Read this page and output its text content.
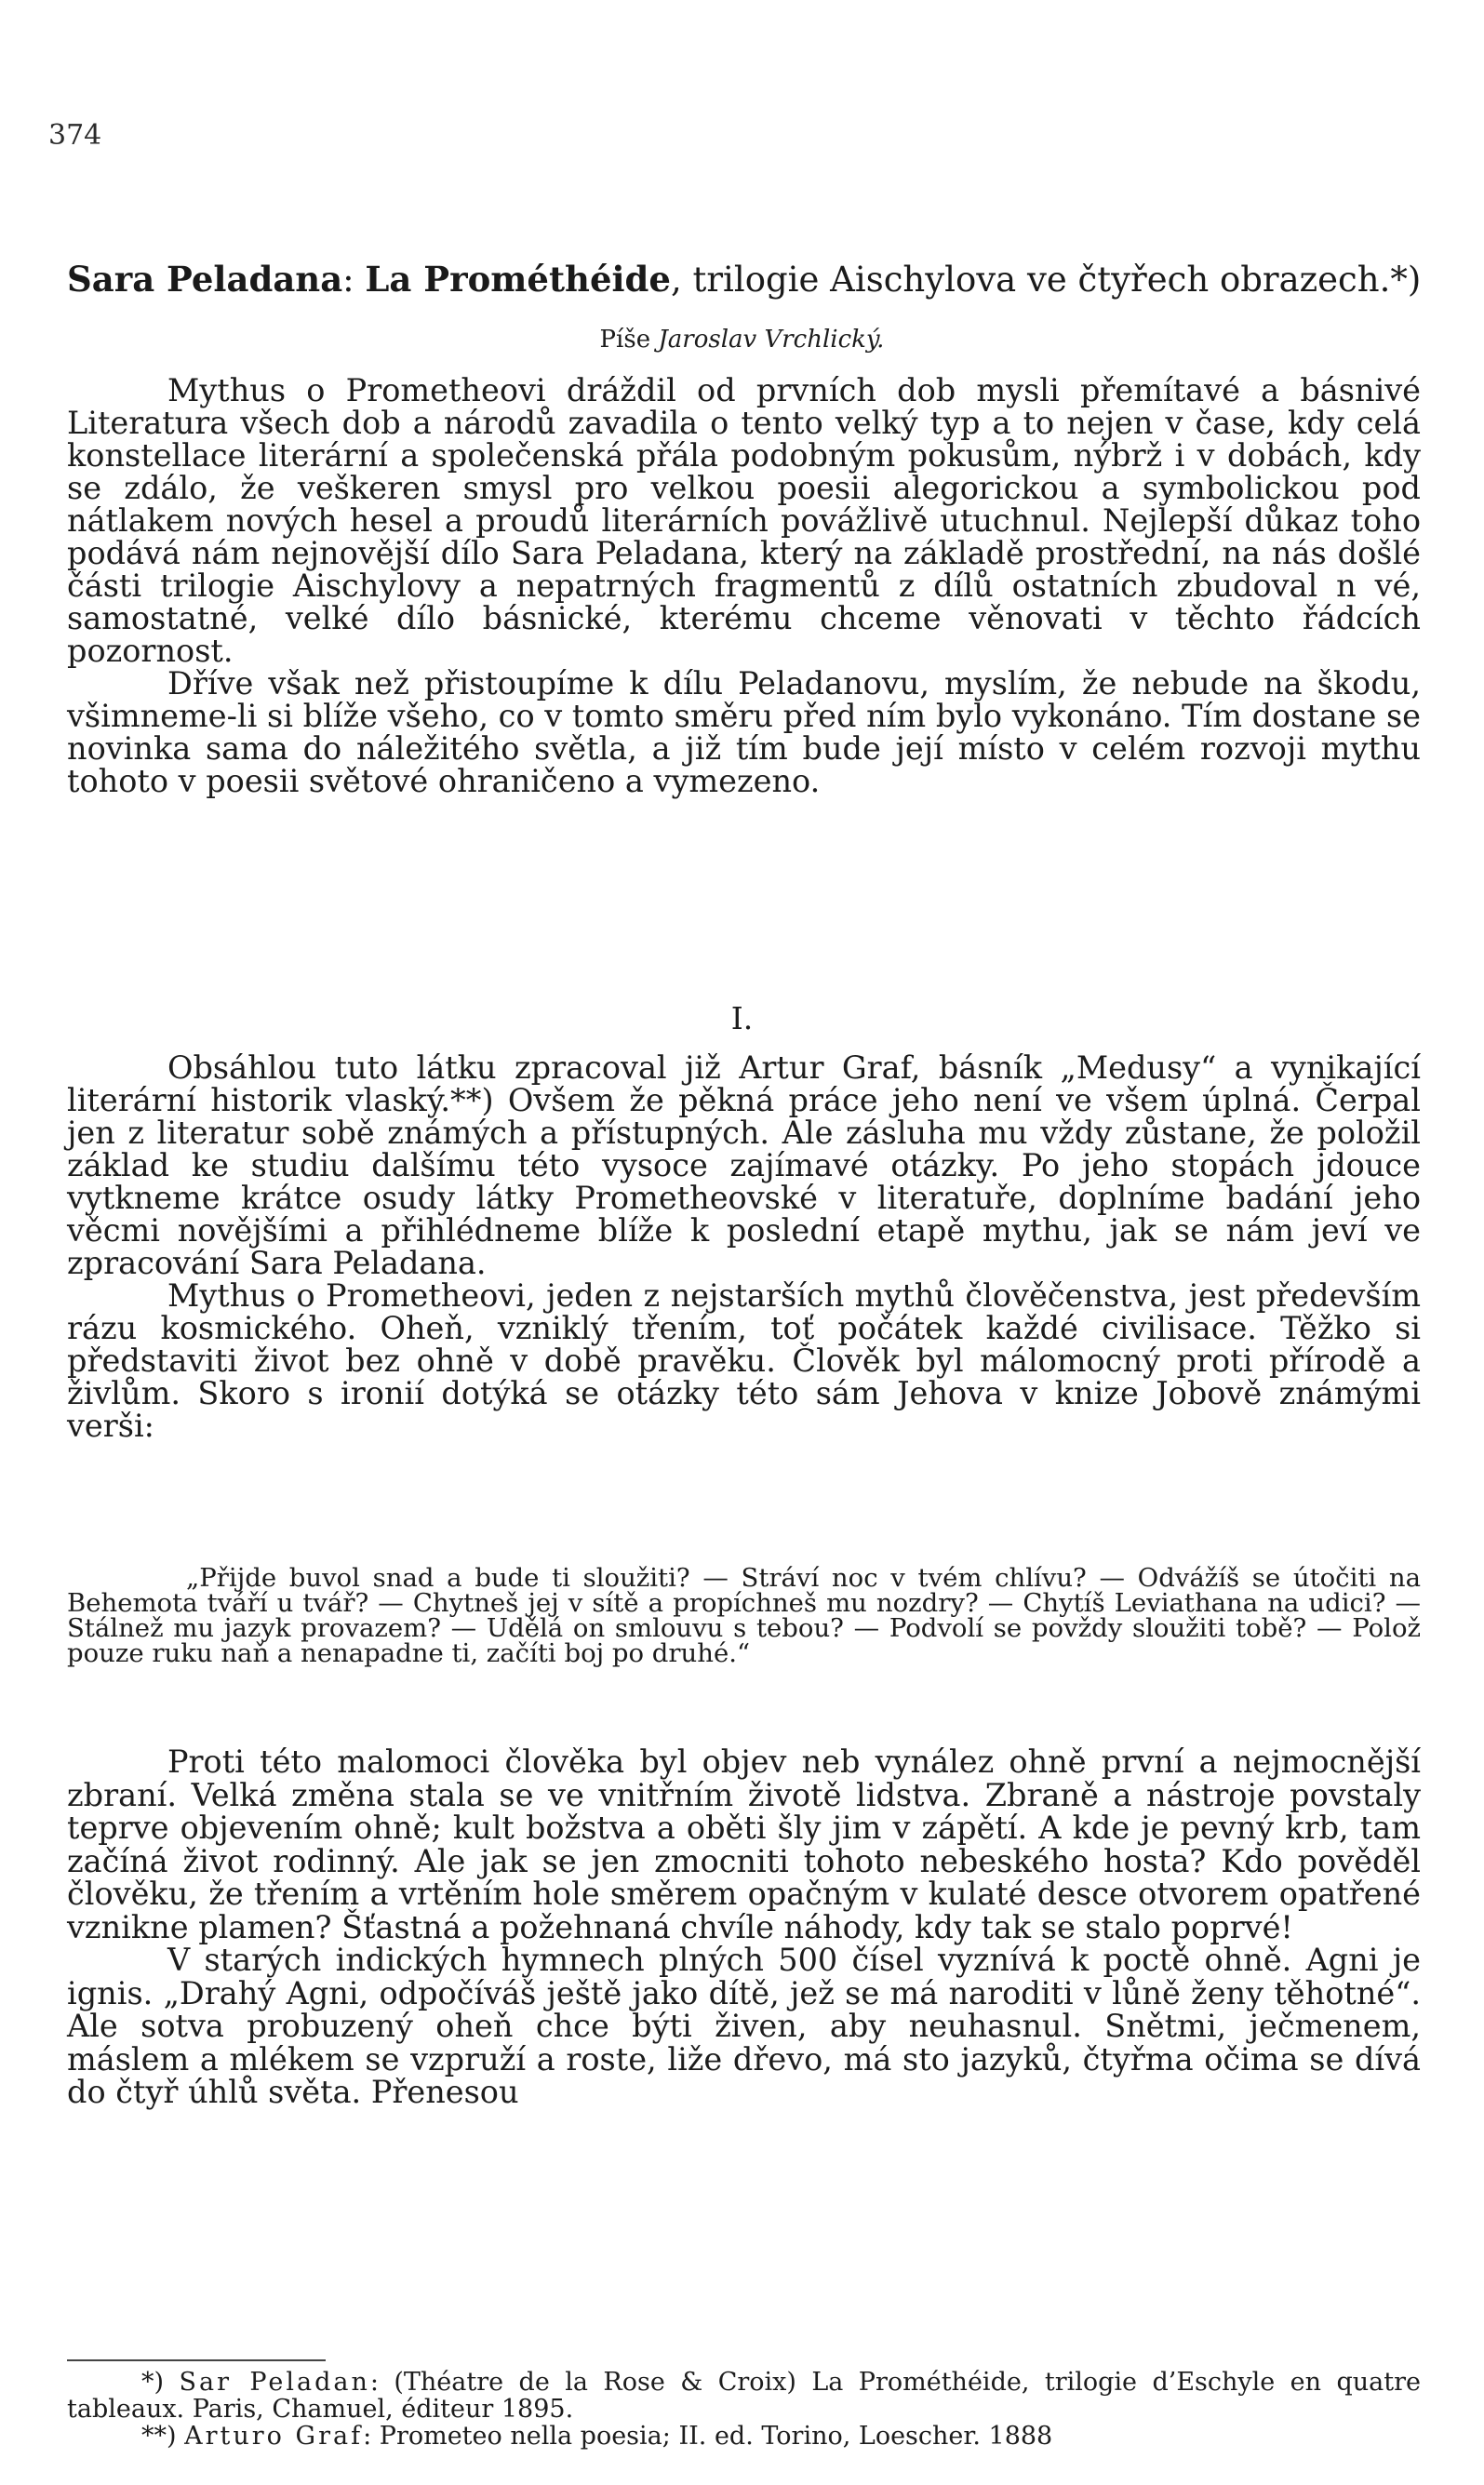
374
Sara Peladana: La Prométhéide, trilogie Aischylova ve čtyřech obrazech.*)
Píše Jaroslav Vrchlický.

Mythus o Prometheovi dráždil od prvních dob mysli přemítavé a básnivé Literatura všech dob a národů zavadila o tento velký typ a to nejen v čase, kdy celá konstellace literární a společenská přála podobným pokusům, nýbrž i v dobách, kdy se zdálo, že veškeren smysl pro velkou poesii alegorickou a symbolickou pod nátlakem nových hesel a proudů literárních povážlivě utuchnul. Nejlepší důkaz toho podává nám nejnovější dílo Sara Peladana, který na základě prostřední, na nás došlé části trilogie Aischylovy a nepatrných fragmentů z dílů ostatních zbudoval n vé, samostatné, velké dílo básnické, kterému chceme věnovati v těchto řádcích pozornost.

Dříve však než přistoupíme k dílu Peladanovu, myslím, že nebude na škodu, všimneme-li si blíže všeho, co v tomto směru před ním bylo vykonáno. Tím dostane se novinka sama do náležitého světla, a již tím bude její místo v celém rozvoji mythu tohoto v poesii světové ohraničeno a vymezeno.

I.

Obsáhlou tuto látku zpracoval již Artur Graf, básník „Medusy“ a vynikající literární historik vlaský.**) Ovšem že pěkná práce jeho není ve všem úplná. Čerpal jen z literatur sobě známých a přístupných. Ale zásluha mu vždy zůstane, že položil základ ke studiu dalšímu této vysoce zajímavé otázky. Po jeho stopách jdouce vytkneme krátce osudy látky Prometheovské v literatuře, doplníme badání jeho věcmi novějšími a přihlédneme blíže k poslední etapě mythu, jak se nám jeví ve zpracování Sara Peladana.

Mythus o Prometheovi, jeden z nejstarších mythů člověčenstva, jest především rázu kosmického. Oheň, vzniklý třením, toť počátek každé civilisace. Těžko si představiti život bez ohně v době pravěku. Člověk byl málomocný proti přírodě a živlům. Skoro s ironií dotýká se otázky této sám Jehova v knize Jobově známými verši:

„Přijde buvol snad a bude ti sloužiti? — Stráví noc v tvém chlívu? — Odvážíš se útočiti na Behemota tváří u tvář? — Chytneš jej v sítě a propíchneš mu nozdry? — Chytíš Leviathana na udici? — Stálnež mu jazyk provazem? — Udělá on smlouvu s tebou? — Podvolí se povždy sloužiti tobě? — Polož pouze ruku naň a nenapadne ti, začíti boj po druhé.“

Proti této malomoci člověka byl objev neb vynález ohně první a nejmocnější zbraní. Velká změna stala se ve vnitřním životě lidstva. Zbraně a nástroje povstaly teprve objevením ohně; kult božstva a oběti šly jim v zápětí. A kde je pevný krb, tam začíná život rodinný. Ale jak se jen zmocniti tohoto nebeského hosta? Kdo pověděl člověku, že třením a vrtěním hole směrem opačným v kulaté desce otvorem opatřené vznikne plamen? Šťastná a požehnaná chvíle náhody, kdy tak se stalo poprvé!

V starých indických hymnech plných 500 čísel vyznívá k poctě ohně. Agni je ignis. „Drahý Agni, odpočíváš ještě jako dítě, jež se má naroditi v lůně ženy těhotné“. Ale sotva probuzený oheň chce býti živen, aby neuhasnul. Snětmi, ječmenem, máslem a mlékem se vzpruží a roste, liže dřevo, má sto jazyků, čtyřma očima se dívá do čtyř úhlů světa. Přenesou

*) Sar Peladan: (Théatre de la Rose & Croix) La Prométhéide, trilogie d’Eschyle en quatre tableaux. Paris, Chamuel, éditeur 1895.

**) Arturo Graf: Prometeo nella poesia; II. ed. Torino, Loescher. 1888
